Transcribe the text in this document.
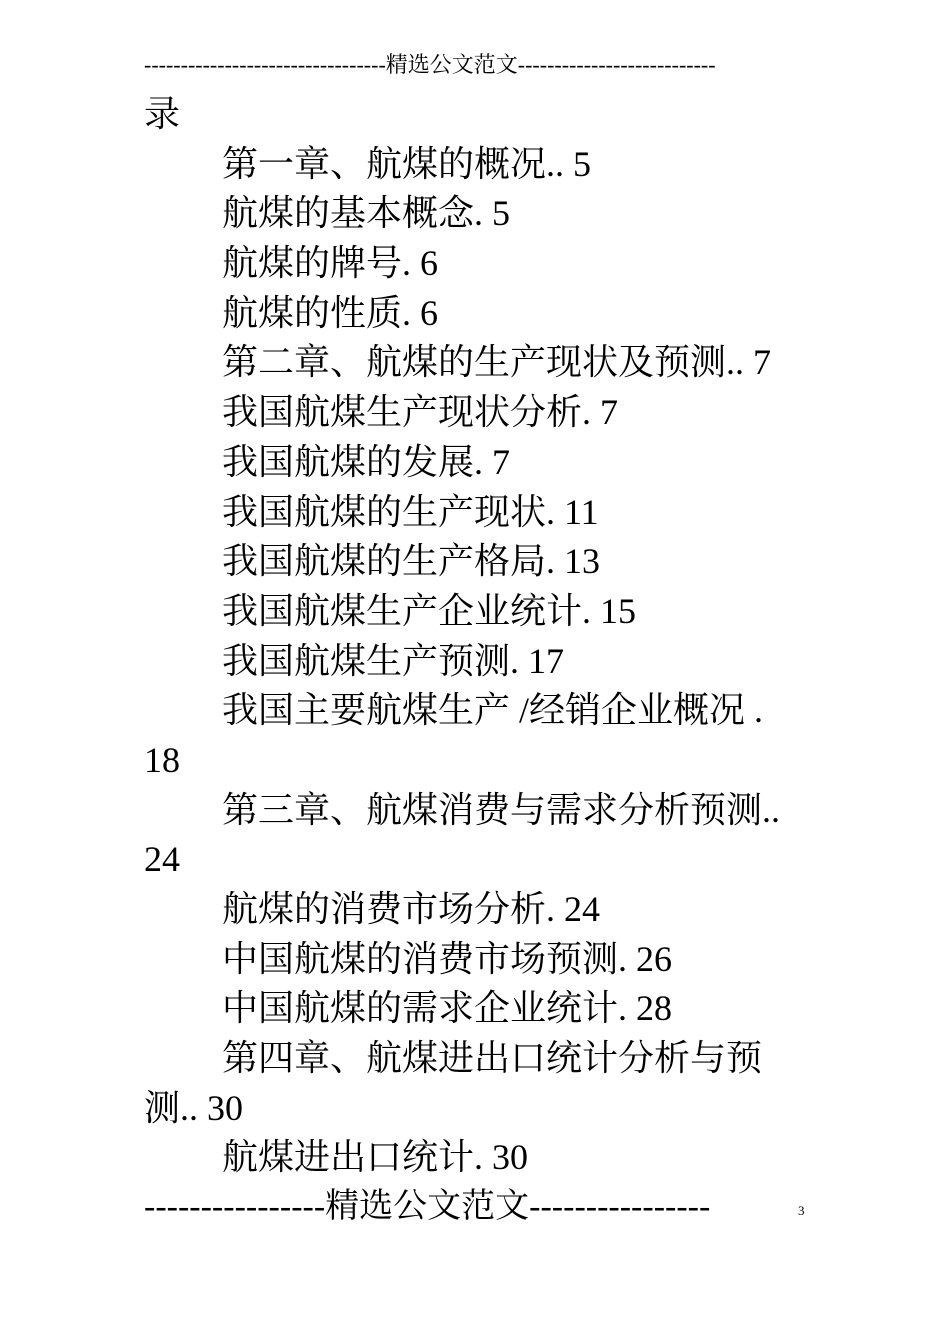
---------------------------------精选公文范文---------------------------
录
第一章、航煤的概况.. 5
航煤的基本概念. 5
航煤的牌号. 6
航煤的性质. 6
第二章、航煤的生产现状及预测.. 7
我国航煤生产现状分析. 7
我国航煤的发展. 7
我国航煤的生产现状. 11
我国航煤的生产格局. 13
我国航煤生产企业统计. 15
我国航煤生产预测. 17
我国主要航煤生产 /经销企业概况 .
18
第三章、航煤消费与需求分析预测..
24
航煤的消费市场分析. 24
中国航煤的消费市场预测. 26
中国航煤的需求企业统计. 28
第四章、航煤进出口统计分析与预
测.. 30
航煤进出口统计. 30
----------------精选公文范文----------------	3
